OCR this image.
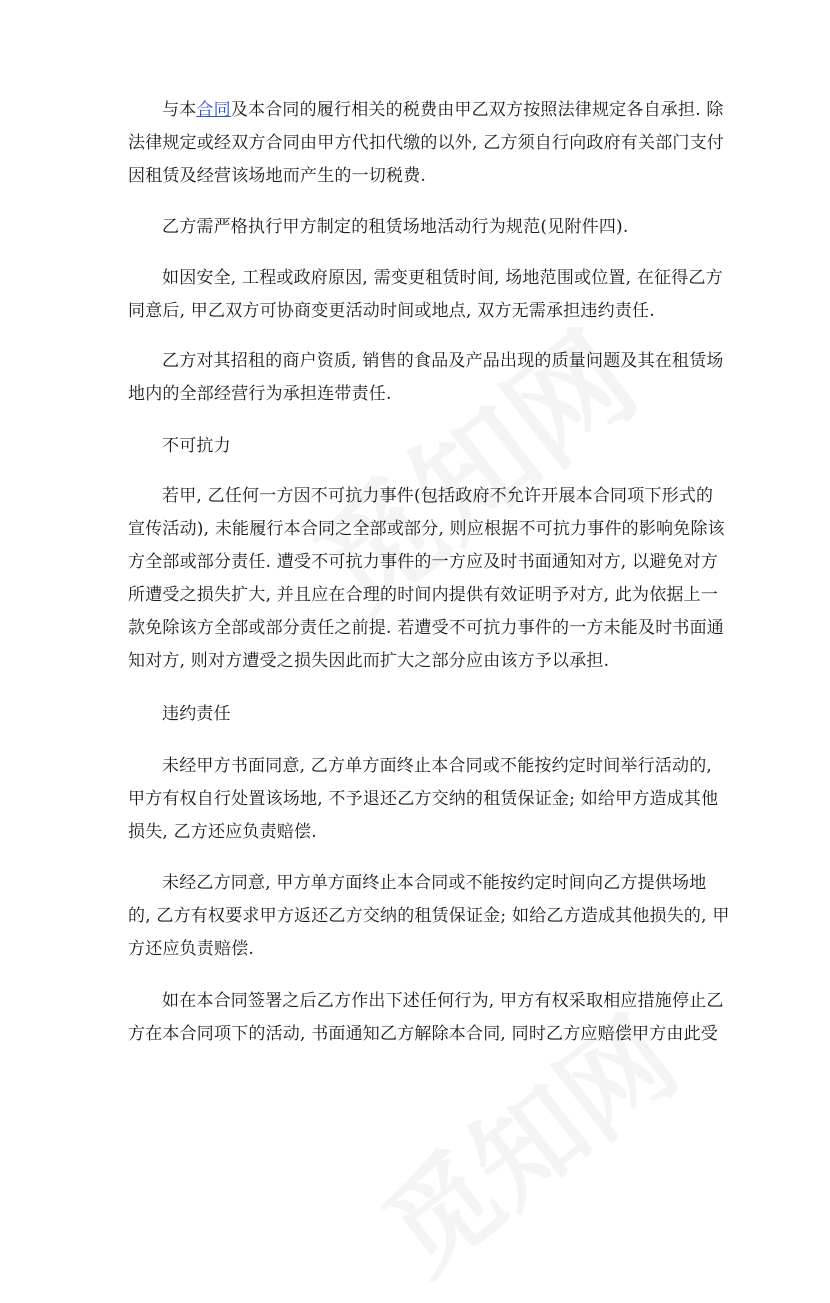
与本合同及本合同的履行相关的税费由甲乙双方按照法律规定各自承担. 除
法律规定或经双方合同由甲方代扣代缴的以外, 乙方须自行向政府有关部门支付
因租赁及经营该场地而产生的一切税费.

乙方需严格执行甲方制定的租赁场地活动行为规范(见附件四).

如因安全, 工程或政府原因, 需变更租赁时间, 场地范围或位置, 在征得乙方
同意后, 甲乙双方可协商变更活动时间或地点, 双方无需承担违约责任.

乙方对其招租的商户资质, 销售的食品及产品出现的质量问题及其在租赁场
地内的全部经营行为承担连带责任.

不可抗力

若甲, 乙任何一方因不可抗力事件(包括政府不允许开展本合同项下形式的
宣传活动), 未能履行本合同之全部或部分, 则应根据不可抗力事件的影响免除该
方全部或部分责任. 遭受不可抗力事件的一方应及时书面通知对方, 以避免对方
所遭受之损失扩大, 并且应在合理的时间内提供有效证明予对方, 此为依据上一
款免除该方全部或部分责任之前提. 若遭受不可抗力事件的一方未能及时书面通
知对方, 则对方遭受之损失因此而扩大之部分应由该方予以承担.

违约责任

未经甲方书面同意, 乙方单方面终止本合同或不能按约定时间举行活动的,
甲方有权自行处置该场地, 不予退还乙方交纳的租赁保证金; 如给甲方造成其他
损失, 乙方还应负责赔偿.

未经乙方同意, 甲方单方面终止本合同或不能按约定时间向乙方提供场地
的, 乙方有权要求甲方返还乙方交纳的租赁保证金; 如给乙方造成其他损失的, 甲
方还应负责赔偿.

如在本合同签署之后乙方作出下述任何行为, 甲方有权采取相应措施停止乙
方在本合同项下的活动, 书面通知乙方解除本合同, 同时乙方应赔偿甲方由此受
